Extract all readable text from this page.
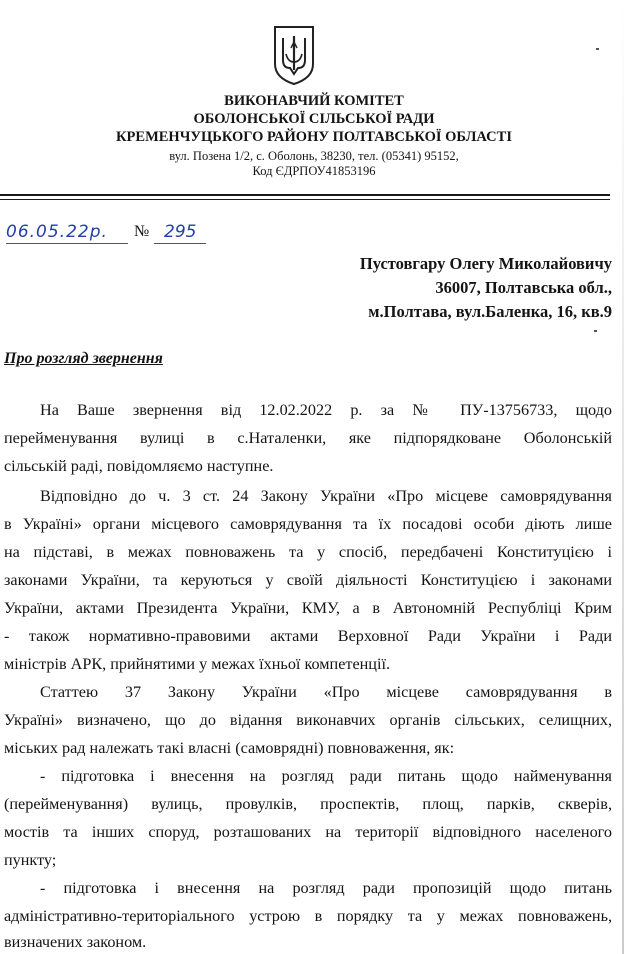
ВИКОНАВЧИЙ КОМІТЕТ
ОБОЛОНСЬКОЇ СІЛЬСЬКОЇ РАДИ
КРЕМЕНЧУЦЬКОГО РАЙОНУ ПОЛТАВСЬКОЇ ОБЛАСТІ
вул. Позена 1/2, с. Оболонь, 38230, тел. (05341) 95152,
Код ЄДРПОУ41853196
06.05.22р. № 295
Пустовгару Олегу Миколайовичу
36007, Полтавська обл.,
м.Полтава, вул.Баленка, 16, кв.9
Про розгляд звернення
На Ваше звернення від 12.02.2022 р. за № ПУ-13756733, щодо
перейменування вулиці в с.Наталенки, яке підпорядковане Оболонській
сільській раді, повідомляємо наступне.
Відповідно до ч. 3 ст. 24 Закону України «Про місцеве самоврядування
в Україні» органи місцевого самоврядування та їх посадові особи діють лише
на підставі, в межах повноважень та у спосіб, передбачені Конституцією і
законами України, та керуються у своїй діяльності Конституцією і законами
України, актами Президента України, КМУ, а в Автономній Республіці Крим
- також нормативно-правовими актами Верховної Ради України і Ради
міністрів АРК, прийнятими у межах їхньої компетенції.
Статтею 37 Закону України «Про місцеве самоврядування в
Україні» визначено, що до відання виконавчих органів сільських, селищних,
міських рад належать такі власні (самоврядні) повноваження, як:
- підготовка і внесення на розгляд ради питань щодо найменування
(перейменування) вулиць, провулків, проспектів, площ, парків, скверів,
мостів та інших споруд, розташованих на території відповідного населеного
пункту;
- підготовка і внесення на розгляд ради пропозицій щодо питань
адміністративно-територіального устрою в порядку та у межах повноважень,
визначених законом.
